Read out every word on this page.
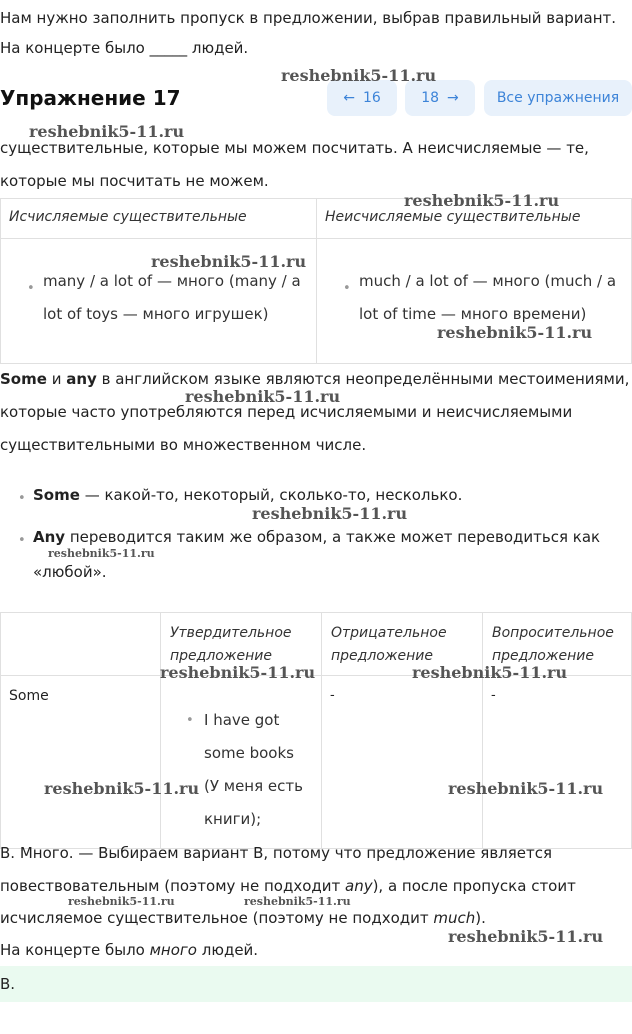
Нам нужно заполнить пропуск в предложении, выбрав правильный вариант.
На концерте было _____ людей.
Упражнение 17	← 16	18 →	Все упражнения
существительные, которые мы можем посчитать. А неисчисляемые — те,
которые мы посчитать не можем.
Исчисляемые существительные	Неисчисляемые существительные

• many / a lot of — много (many / a
lot of toys — много игрушек)	• much / a lot of — много (much / a
lot of time — много времени)
Some и any в английском языке являются неопределёнными местоимениями,
которые часто употребляются перед исчисляемыми и неисчисляемыми
существительными во множественном числе.
• Some — какой-то, некоторый, сколько-то, несколько.
• Any переводится таким же образом, а также может переводиться как
«любой».

	Утвердительное предложение	Отрицательное предложение	Вопросительное предложение

Some	• I have got
some books
(У меня есть
книги);	-	-
B. Много. — Выбираем вариант B, потому что предложение является
повествовательным (поэтому не подходит any), а после пропуска стоит
исчисляемое существительное (поэтому не подходит much).
На концерте было много людей.
B.
reshebnik5-11.ru
reshebnik5-11.ru
reshebnik5-11.ru
reshebnik5-11.ru
reshebnik5-11.ru
reshebnik5-11.ru
reshebnik5-11.ru
reshebnik5-11.ru
reshebnik5-11.ru	reshebnik5-11.ru
reshebnik5-11.ru	reshebnik5-11.ru
reshebnik5-11.ru	reshebnik5-11.ru
reshebnik5-11.ru
